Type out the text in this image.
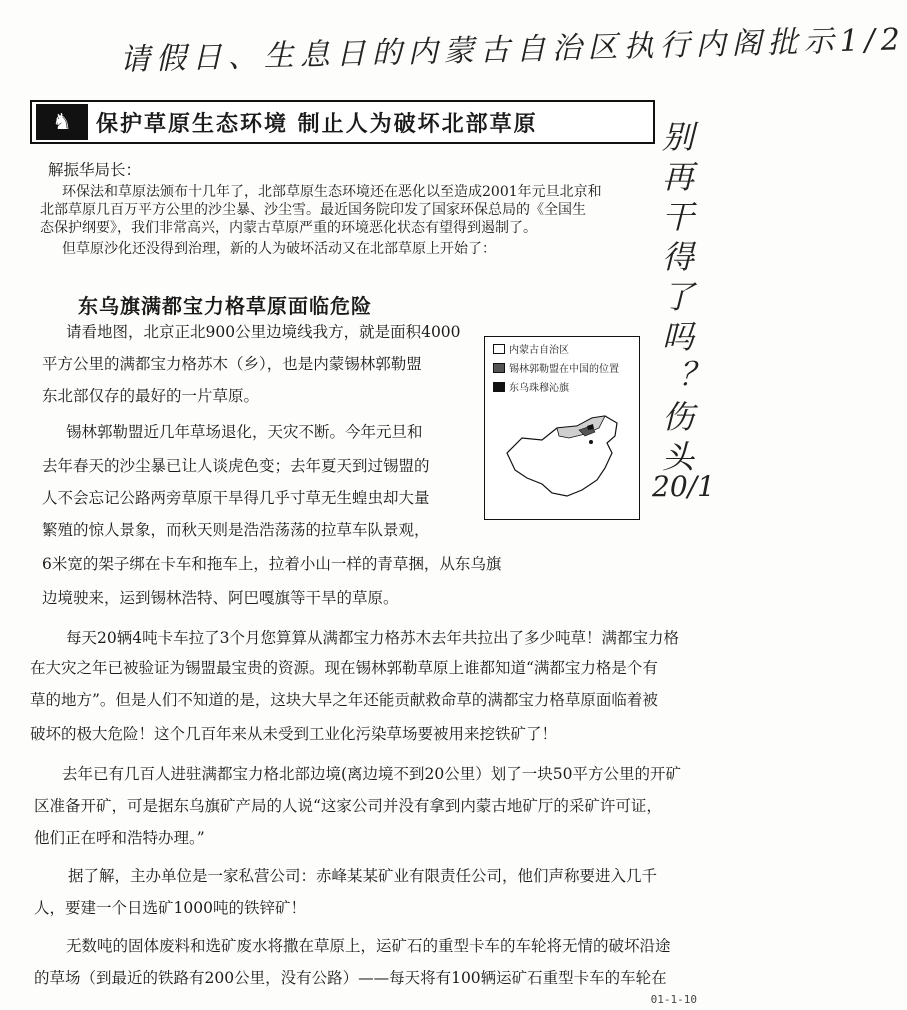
请假日、生息日的内蒙古自治区执行内阁批示1/2
别再干得了吗？伤头
20/1
♞	保护草原生态环境 制止人为破坏北部草原
解振华局长：
环保法和草原法颁布十几年了，北部草原生态环境还在恶化以至造成2001年元旦北京和
北部草原几百万平方公里的沙尘暴、沙尘雪。最近国务院印发了国家环保总局的《全国生
态保护纲要》，我们非常高兴，内蒙古草原严重的环境恶化状态有望得到遏制了。
但草原沙化还没得到治理，新的人为破坏活动又在北部草原上开始了：
东乌旗满都宝力格草原面临危险
请看地图，北京正北900公里边境线我方，就是面积4000
平方公里的满都宝力格苏木（乡），也是内蒙锡林郭勒盟
东北部仅存的最好的一片草原。
锡林郭勒盟近几年草场退化，天灾不断。今年元旦和
去年春天的沙尘暴已让人谈虎色变；去年夏天到过锡盟的
人不会忘记公路两旁草原干旱得几乎寸草无生蝗虫却大量
繁殖的惊人景象，而秋天则是浩浩荡荡的拉草车队景观，
6米宽的架子绑在卡车和拖车上，拉着小山一样的青草捆，从东乌旗
边境驶来，运到锡林浩特、阿巴嘎旗等干旱的草原。
内蒙古自治区
锡林郭勒盟在中国的位置
东乌珠穆沁旗
每天20辆4吨卡车拉了3个月您算算从满都宝力格苏木去年共拉出了多少吨草！满都宝力格
在大灾之年已被验证为锡盟最宝贵的资源。现在锡林郭勒草原上谁都知道“满都宝力格是个有
草的地方”。但是人们不知道的是，这块大旱之年还能贡献救命草的满都宝力格草原面临着被
破坏的极大危险！这个几百年来从未受到工业化污染草场要被用来挖铁矿了！
去年已有几百人进驻满都宝力格北部边境(离边境不到20公里）划了一块50平方公里的开矿
区准备开矿，可是据东乌旗矿产局的人说“这家公司并没有拿到内蒙古地矿厅的采矿许可证，
他们正在呼和浩特办理。”
据了解，主办单位是一家私营公司：赤峰某某矿业有限责任公司，他们声称要进入几千
人，要建一个日选矿1000吨的铁锌矿！
无数吨的固体废料和选矿废水将撒在草原上，运矿石的重型卡车的车轮将无情的破坏沿途
的草场（到最近的铁路有200公里，没有公路）——每天将有100辆运矿石重型卡车的车轮在
01-1-10
